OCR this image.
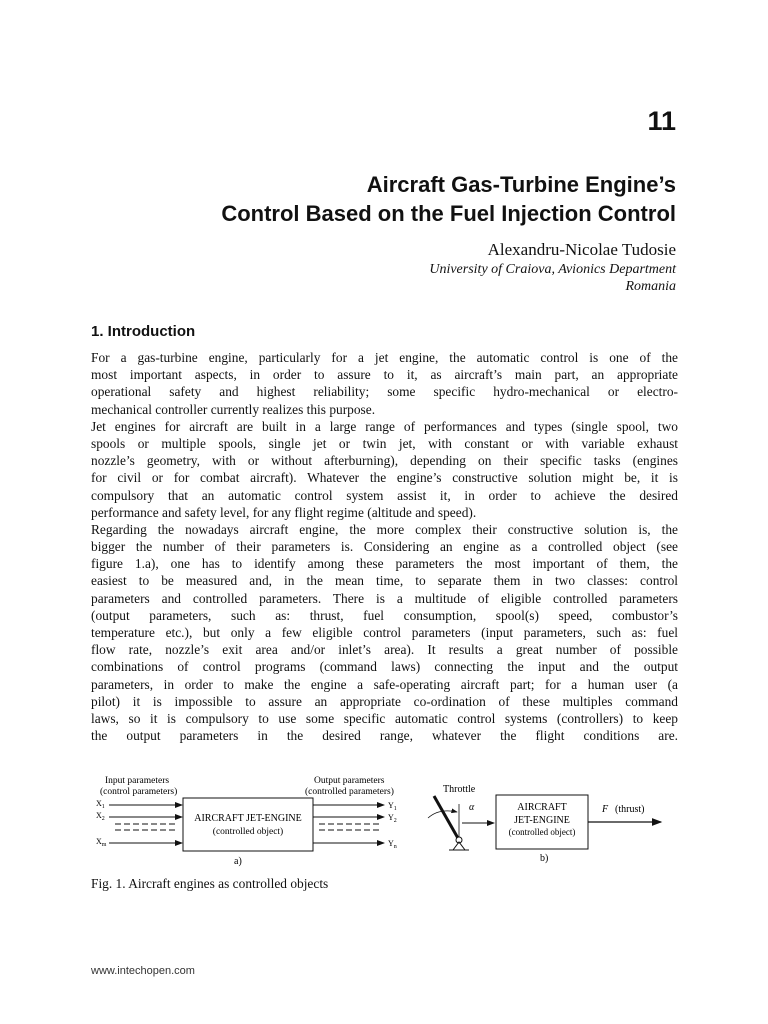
11
Aircraft Gas-Turbine Engine’s
Control Based on the Fuel Injection Control
Alexandru-Nicolae Tudosie
University of Craiova, Avionics Department
Romania
1. Introduction
For a gas-turbine engine, particularly for a jet engine, the automatic control is one of the
most important aspects, in order to assure to it, as aircraft’s main part, an appropriate
operational safety and highest reliability; some specific hydro-mechanical or electro-
mechanical controller currently realizes this purpose.
Jet engines for aircraft are built in a large range of performances and types (single spool, two
spools or multiple spools, single jet or twin jet, with constant or with variable exhaust
nozzle’s geometry, with or without afterburning), depending on their specific tasks (engines
for civil or for combat aircraft). Whatever the engine’s constructive solution might be, it is
compulsory that an automatic control system assist it, in order to achieve the desired
performance and safety level, for any flight regime (altitude and speed).
Regarding the nowadays aircraft engine, the more complex their constructive solution is, the
bigger the number of their parameters is. Considering an engine as a controlled object (see
figure 1.a), one has to identify among these parameters the most important of them, the
easiest to be measured and, in the mean time, to separate them in two classes: control
parameters and controlled parameters. There is a multitude of eligible controlled parameters
(output parameters, such as: thrust, fuel consumption, spool(s) speed, combustor’s
temperature etc.), but only a few eligible control parameters (input parameters, such as: fuel
flow rate, nozzle’s exit area and/or inlet’s area). It results a great number of possible
combinations of control programs (command laws) connecting the input and the output
parameters, in order to make the engine a safe-operating aircraft part; for a human user (a
pilot) it is impossible to assure an appropriate co-ordination of these multiples command
laws, so it is compulsory to use some specific automatic control systems (controllers) to keep
the output parameters in the desired range, whatever the flight conditions are.
Input parameters
(control parameters)
Output parameters
(controlled parameters)
AIRCRAFT JET-ENGINE
(controlled object)
$X_1$
$X_2$
$X_m$
$Y_1$
$Y_2$
$Y_n$
a)
Throttle
α	AIRCRAFT
JET-ENGINE
(controlled object)
F (thrust)
b)
Fig. 1. Aircraft engines as controlled objects
www.intechopen.com
